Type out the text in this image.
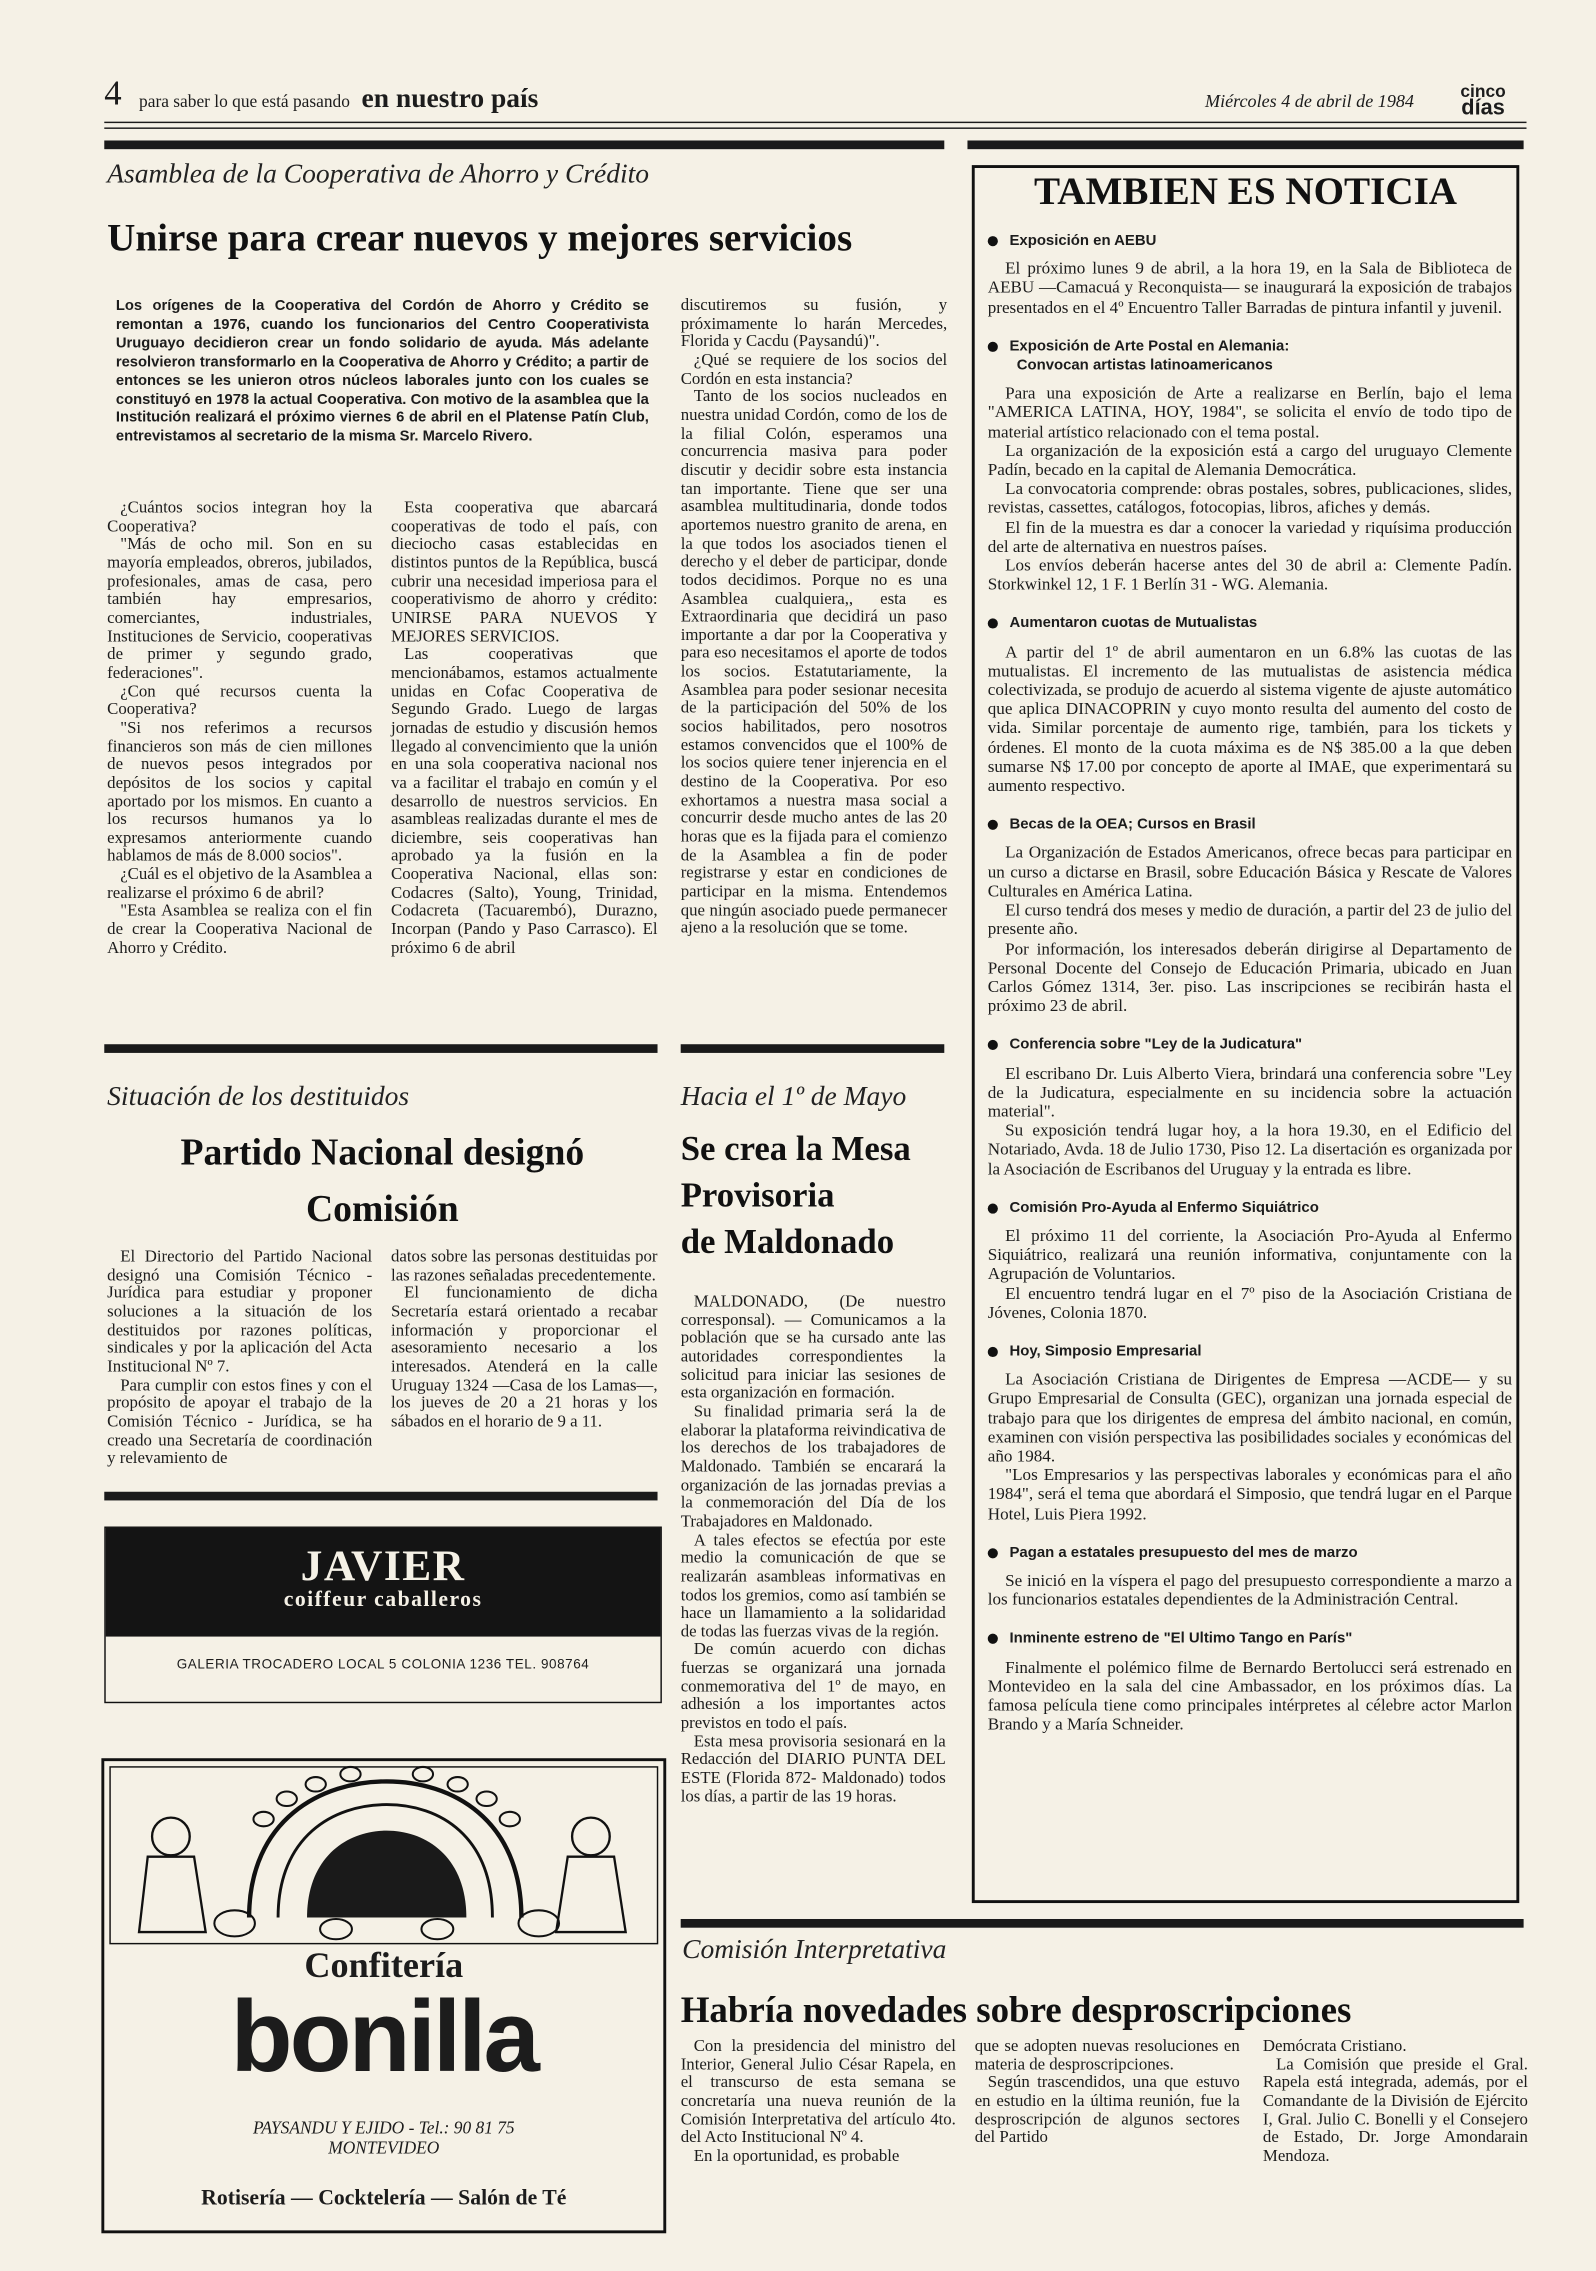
4 para saber lo que está pasando en nuestro país	Miércoles 4 de abril de 1984	cinco
días
Asamblea de la Cooperativa de Ahorro y Crédito
Unirse para crear nuevos y mejores servicios
Los orígenes de la Cooperativa del Cordón de Ahorro y Crédito se remontan a 1976, cuando los funcionarios del Centro Cooperativista Uruguayo decidieron crear un fondo solidario de ayuda. Más adelante resolvieron transformarlo en la Cooperativa de Ahorro y Crédito; a partir de entonces se les unieron otros núcleos laborales junto con los cuales se constituyó en 1978 la actual Cooperativa. Con motivo de la asamblea que la Institución realizará el próximo viernes 6 de abril en el Platense Patín Club, entrevistamos al secretario de la misma Sr. Marcelo Rivero.

¿Cuántos socios integran hoy la Cooperativa?

"Más de ocho mil. Son en su mayoría empleados, obreros, jubilados, profesionales, amas de casa, pero también hay empresarios, comerciantes, industriales, Instituciones de Servicio, cooperativas de primer y segundo grado, federaciones".

¿Con qué recursos cuenta la Cooperativa?

"Si nos referimos a recursos financieros son más de cien millones de nuevos pesos integrados por depósitos de los socios y capital aportado por los mismos. En cuanto a los recursos humanos ya lo expresamos anteriormente cuando hablamos de más de 8.000 socios".

¿Cuál es el objetivo de la Asamblea a realizarse el próximo 6 de abril?

"Esta Asamblea se realiza con el fin de crear la Cooperativa Nacional de Ahorro y Crédito.

Esta cooperativa que abarcará cooperativas de todo el país, con dieciocho casas establecidas en distintos puntos de la República, buscá cubrir una necesidad imperiosa para el cooperativismo de ahorro y crédito: UNIRSE PARA NUEVOS Y MEJORES SERVICIOS.

Las cooperativas que mencionábamos, estamos actualmente unidas en Cofac Cooperativa de Segundo Grado. Luego de largas jornadas de estudio y discusión hemos llegado al convencimiento que la unión en una sola cooperativa nacional nos va a facilitar el trabajo en común y el desarrollo de nuestros servicios. En asambleas realizadas durante el mes de diciembre, seis cooperativas han aprobado ya la fusión en la Cooperativa Nacional, ellas son: Codacres (Salto), Young, Trinidad, Codacreta (Tacuarembó), Durazno, Incorpan (Pando y Paso Carrasco). El próximo 6 de abril

discutiremos su fusión, y próximamente lo harán Mercedes, Florida y Cacdu (Paysandú)".

¿Qué se requiere de los socios del Cordón en esta instancia?

Tanto de los socios nucleados en nuestra unidad Cordón, como de los de la filial Colón, esperamos una concurrencia masiva para poder discutir y decidir sobre esta instancia tan importante. Tiene que ser una asamblea multitudinaria, donde todos aportemos nuestro granito de arena, en la que todos los asociados tienen el derecho y el deber de participar, donde todos decidimos. Porque no es una Asamblea cualquiera,, esta es Extraordinaria que decidirá un paso importante a dar por la Cooperativa y para eso necesitamos el aporte de todos los socios. Estatutariamente, la Asamblea para poder sesionar necesita de la participación del 50% de los socios habilitados, pero nosotros estamos convencidos que el 100% de los socios quiere tener injerencia en el destino de la Cooperativa. Por eso exhortamos a nuestra masa social a concurrir desde mucho antes de las 20 horas que es la fijada para el comienzo de la Asamblea a fin de poder registrarse y estar en condiciones de participar en la misma. Entendemos que ningún asociado puede permanecer ajeno a la resolución que se tome.

Situación de los destituidos
Partido Nacional designó
Comisión

El Directorio del Partido Nacional designó una Comisión Técnico - Jurídica para estudiar y proponer soluciones a la situación de los destituidos por razones políticas, sindicales y por la aplicación del Acta Institucional Nº 7.

Para cumplir con estos fines y con el propósito de apoyar el trabajo de la Comisión Técnico - Jurídica, se ha creado una Secretaría de coordinación y relevamiento de

datos sobre las personas destituidas por las razones señaladas precedentemente.

El funcionamiento de dicha Secretaría estará orientado a recabar información y proporcionar el asesoramiento necesario a los interesados. Atenderá en la calle Uruguay 1324 —Casa de los Lamas—, los jueves de 20 a 21 horas y los sábados en el horario de 9 a 11.

JAVIER
coiffeur caballeros
GALERIA TROCADERO LOCAL 5 COLONIA 1236 TEL. 908764
Confitería
bonilla
PAYSANDU Y EJIDO - Tel.: 90 81 75
MONTEVIDEO
Rotisería — Cocktelería — Salón de Té
Hacia el 1º de Mayo
Se crea la Mesa
Provisoria
de Maldonado

MALDONADO, (De nuestro corresponsal). — Comunicamos a la población que se ha cursado ante las autoridades correspondientes la solicitud para iniciar las sesiones de esta organización en formación.

Su finalidad primaria será la de elaborar la plataforma reivindicativa de los derechos de los trabajadores de Maldonado. También se encarará la organización de las jornadas previas a la conmemoración del Día de los Trabajadores en Maldonado.

A tales efectos se efectúa por este medio la comunicación de que se realizarán asambleas informativas en todos los gremios, como así también se hace un llamamiento a la solidaridad de todas las fuerzas vivas de la región.

De común acuerdo con dichas fuerzas se organizará una jornada conmemorativa del 1º de mayo, en adhesión a los importantes actos previstos en todo el país.

Esta mesa provisoria sesionará en la Redacción del DIARIO PUNTA DEL ESTE (Florida 872- Maldonado) todos los días, a partir de las 19 horas.

TAMBIEN ES NOTICIA
Exposición en AEBU

El próximo lunes 9 de abril, a la hora 19, en la Sala de Biblioteca de AEBU —Camacuá y Reconquista— se inaugurará la exposición de trabajos presentados en el 4º Encuentro Taller Barradas de pintura infantil y juvenil.

Exposición de Arte Postal en Alemania:
Convocan artistas latinoamericanos

Para una exposición de Arte a realizarse en Berlín, bajo el lema "AMERICA LATINA, HOY, 1984", se solicita el envío de todo tipo de material artístico relacionado con el tema postal.

La organización de la exposición está a cargo del uruguayo Clemente Padín, becado en la capital de Alemania Democrática.

La convocatoria comprende: obras postales, sobres, publicaciones, slides, revistas, cassettes, catálogos, fotocopias, libros, afiches y demás.

El fin de la muestra es dar a conocer la variedad y riquísima producción del arte de alternativa en nuestros países.

Los envíos deberán hacerse antes del 30 de abril a: Clemente Padín. Storkwinkel 12, 1 F. 1 Berlín 31 - WG. Alemania.

Aumentaron cuotas de Mutualistas

A partir del 1º de abril aumentaron en un 6.8% las cuotas de las mutualistas. El incremento de las mutualistas de asistencia médica colectivizada, se produjo de acuerdo al sistema vigente de ajuste automático que aplica DINACOPRIN y cuyo monto resulta del aumento del costo de vida. Similar porcentaje de aumento rige, también, para los tickets y órdenes. El monto de la cuota máxima es de N$ 385.00 a la que deben sumarse N$ 17.00 por concepto de aporte al IMAE, que experimentará su aumento respectivo.

Becas de la OEA; Cursos en Brasil

La Organización de Estados Americanos, ofrece becas para participar en un curso a dictarse en Brasil, sobre Educación Básica y Rescate de Valores Culturales en América Latina.

El curso tendrá dos meses y medio de duración, a partir del 23 de julio del presente año.

Por información, los interesados deberán dirigirse al Departamento de Personal Docente del Consejo de Educación Primaria, ubicado en Juan Carlos Gómez 1314, 3er. piso. Las inscripciones se recibirán hasta el próximo 23 de abril.

Conferencia sobre "Ley de la Judicatura"

El escribano Dr. Luis Alberto Viera, brindará una conferencia sobre "Ley de la Judicatura, especialmente en su incidencia sobre la actuación material".

Su exposición tendrá lugar hoy, a la hora 19.30, en el Edificio del Notariado, Avda. 18 de Julio 1730, Piso 12. La disertación es organizada por la Asociación de Escribanos del Uruguay y la entrada es libre.

Comisión Pro-Ayuda al Enfermo Siquiátrico

El próximo 11 del corriente, la Asociación Pro-Ayuda al Enfermo Siquiátrico, realizará una reunión informativa, conjuntamente con la Agrupación de Voluntarios.

El encuentro tendrá lugar en el 7º piso de la Asociación Cristiana de Jóvenes, Colonia 1870.

Hoy, Simposio Empresarial

La Asociación Cristiana de Dirigentes de Empresa —ACDE— y su Grupo Empresarial de Consulta (GEC), organizan una jornada especial de trabajo para que los dirigentes de empresa del ámbito nacional, en común, examinen con visión perspectiva las posibilidades sociales y económicas del año 1984.

"Los Empresarios y las perspectivas laborales y económicas para el año 1984", será el tema que abordará el Simposio, que tendrá lugar en el Parque Hotel, Luis Piera 1992.

Pagan a estatales presupuesto del mes de marzo

Se inició en la víspera el pago del presupuesto correspondiente a marzo a los funcionarios estatales dependientes de la Administración Central.

Inminente estreno de "El Ultimo Tango en París"

Finalmente el polémico filme de Bernardo Bertolucci será estrenado en Montevideo en la sala del cine Ambassador, en los próximos días. La famosa película tiene como principales intérpretes al célebre actor Marlon Brando y a María Schneider.

Comisión Interpretativa
Habría novedades sobre desproscripciones

Con la presidencia del ministro del Interior, General Julio César Rapela, en el transcurso de esta semana se concretaría una nueva reunión de la Comisión Interpretativa del artículo 4to. del Acto Institucional Nº 4.

En la oportunidad, es probable

que se adopten nuevas resoluciones en materia de desproscripciones.

Según trascendidos, una que estuvo en estudio en la última reunión, fue la desproscripción de algunos sectores del Partido

Demócrata Cristiano.

La Comisión que preside el Gral. Rapela está integrada, además, por el Comandante de la División de Ejército I, Gral. Julio C. Bonelli y el Consejero de Estado, Dr. Jorge Amondarain Mendoza.
